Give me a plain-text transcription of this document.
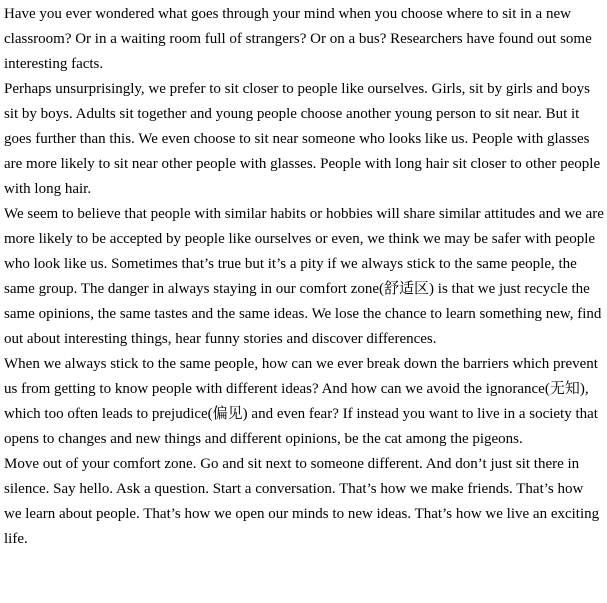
Have you ever wondered what goes through your mind when you choose where to sit in a new classroom? Or in a waiting room full of strangers? Or on a bus? Researchers have found out some interesting facts.

Perhaps unsurprisingly, we prefer to sit closer to people like ourselves. Girls, sit by girls and boys sit by boys. Adults sit together and young people choose another young person to sit near. But it goes further than this. We even choose to sit near someone who looks like us. People with glasses are more likely to sit near other people with glasses. People with long hair sit closer to other people with long hair.

We seem to believe that people with similar habits or hobbies will share similar attitudes and we are more likely to be accepted by people like ourselves or even, we think we may be safer with people who look like us. Sometimes that’s true but it’s a pity if we always stick to the same people, the same group. The danger in always staying in our comfort zone(舒适区) is that we just recycle the same opinions, the same tastes and the same ideas. We lose the chance to learn something new, find out about interesting things, hear funny stories and discover differences.

When we always stick to the same people, how can we ever break down the barriers which prevent us from getting to know people with different ideas? And how can we avoid the ignorance(无知), which too often leads to prejudice(偏见) and even fear? If instead you want to live in a society that opens to changes and new things and different opinions, be the cat among the pigeons.

Move out of your comfort zone. Go and sit next to someone different. And don’t just sit there in silence. Say hello. Ask a question. Start a conversation. That’s how we make friends. That’s how we learn about people. That’s how we open our minds to new ideas. That’s how we live an exciting life.
